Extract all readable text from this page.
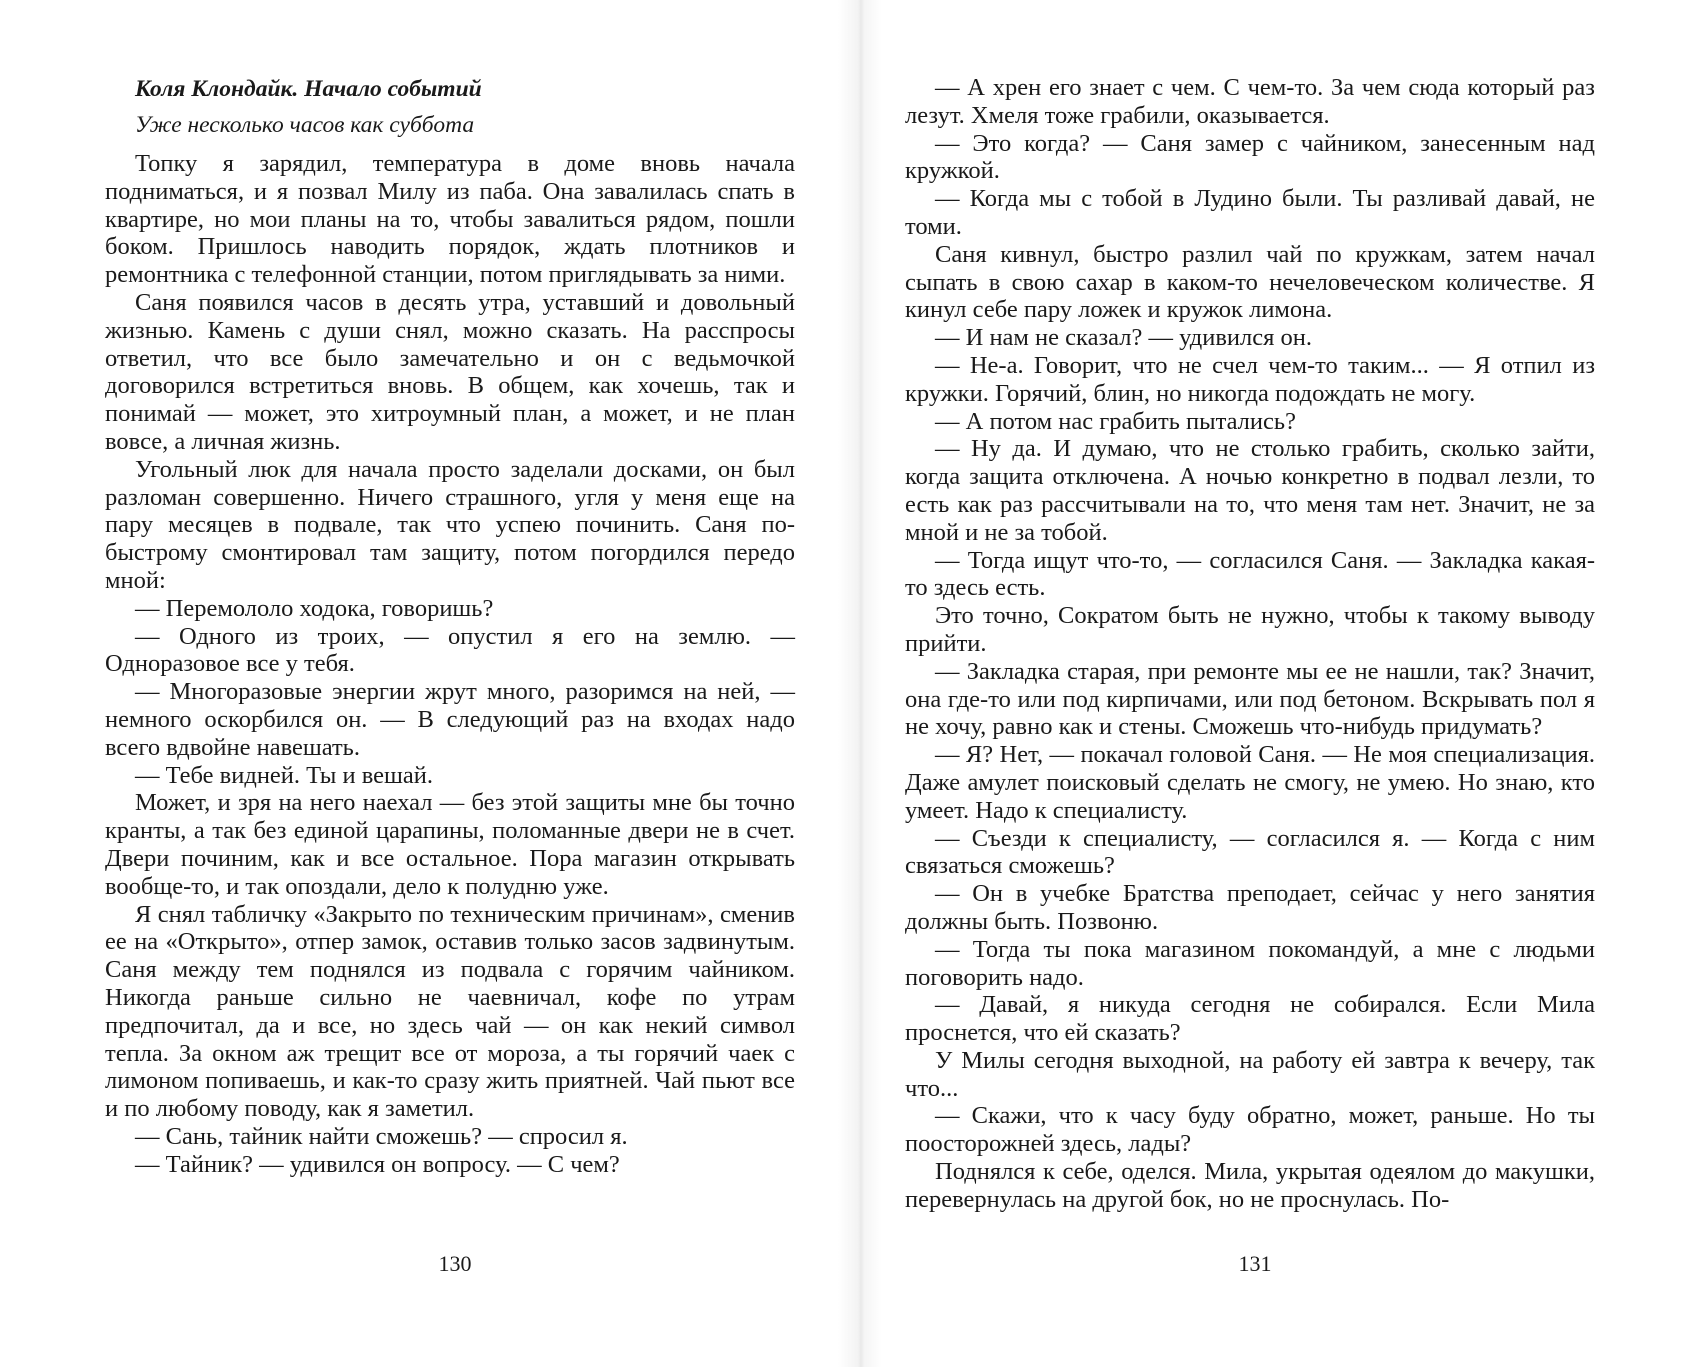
Коля Клондайк. Начало событий
Уже несколько часов как суббота

Топку я зарядил, температура в доме вновь начала подниматься, и я позвал Милу из паба. Она завалилась спать в квартире, но мои планы на то, чтобы завалиться рядом, пошли боком. Пришлось наводить порядок, ждать плотников и ремонтника с телефонной станции, потом приглядывать за ними.

Саня появился часов в десять утра, уставший и довольный жизнью. Камень с души снял, можно сказать. На расспросы ответил, что все было замечательно и он с ведьмочкой договорился встретиться вновь. В общем, как хочешь, так и понимай — может, это хитроумный план, а может, и не план вовсе, а личная жизнь.

Угольный люк для начала просто заделали досками, он был разломан совершенно. Ничего страшного, угля у меня еще на пару месяцев в подвале, так что успею починить. Саня по-быстрому смонтировал там защиту, потом погордился передо мной:

— Перемололо ходока, говоришь?

— Одного из троих, — опустил я его на землю. — Одноразовое все у тебя.

— Многоразовые энергии жрут много, разоримся на ней, — немного оскорбился он. — В следующий раз на входах надо всего вдвойне навешать.

— Тебе видней. Ты и вешай.

Может, и зря на него наехал — без этой защиты мне бы точно кранты, а так без единой царапины, поломанные двери не в счет. Двери починим, как и все остальное. Пора магазин открывать вообще-то, и так опоздали, дело к полудню уже.

Я снял табличку «Закрыто по техническим причинам», сменив ее на «Открыто», отпер замок, оставив только засов задвинутым. Саня между тем поднялся из подвала с горячим чайником. Никогда раньше сильно не чаевничал, кофе по утрам предпочитал, да и все, но здесь чай — он как некий символ тепла. За окном аж трещит все от мороза, а ты горячий чаек с лимоном попиваешь, и как-то сразу жить приятней. Чай пьют все и по любому поводу, как я заметил.

— Сань, тайник найти сможешь? — спросил я.

— Тайник? — удивился он вопросу. — С чем?

130

— А хрен его знает с чем. С чем-то. За чем сюда который раз лезут. Хмеля тоже грабили, оказывается.

— Это когда? — Саня замер с чайником, занесенным над кружкой.

— Когда мы с тобой в Лудино были. Ты разливай давай, не томи.

Саня кивнул, быстро разлил чай по кружкам, затем начал сыпать в свою сахар в каком-то нечеловеческом количестве. Я кинул себе пару ложек и кружок лимона.

— И нам не сказал? — удивился он.

— Не-а. Говорит, что не счел чем-то таким... — Я отпил из кружки. Горячий, блин, но никогда подождать не могу.

— А потом нас грабить пытались?

— Ну да. И думаю, что не столько грабить, сколько зайти, когда защита отключена. А ночью конкретно в подвал лезли, то есть как раз рассчитывали на то, что меня там нет. Значит, не за мной и не за тобой.

— Тогда ищут что-то, — согласился Саня. — Закладка какая-то здесь есть.

Это точно, Сократом быть не нужно, чтобы к такому выводу прийти.

— Закладка старая, при ремонте мы ее не нашли, так? Значит, она где-то или под кирпичами, или под бетоном. Вскрывать пол я не хочу, равно как и стены. Сможешь что-нибудь придумать?

— Я? Нет, — покачал головой Саня. — Не моя специализация. Даже амулет поисковый сделать не смогу, не умею. Но знаю, кто умеет. Надо к специалисту.

— Съезди к специалисту, — согласился я. — Когда с ним связаться сможешь?

— Он в учебке Братства преподает, сейчас у него занятия должны быть. Позвоню.

— Тогда ты пока магазином покомандуй, а мне с людьми поговорить надо.

— Давай, я никуда сегодня не собирался. Если Мила проснется, что ей сказать?

У Милы сегодня выходной, на работу ей завтра к вечеру, так что...

— Скажи, что к часу буду обратно, может, раньше. Но ты поосторожней здесь, лады?

Поднялся к себе, оделся. Мила, укрытая одеялом до макушки, перевернулась на другой бок, но не проснулась. По-

131
